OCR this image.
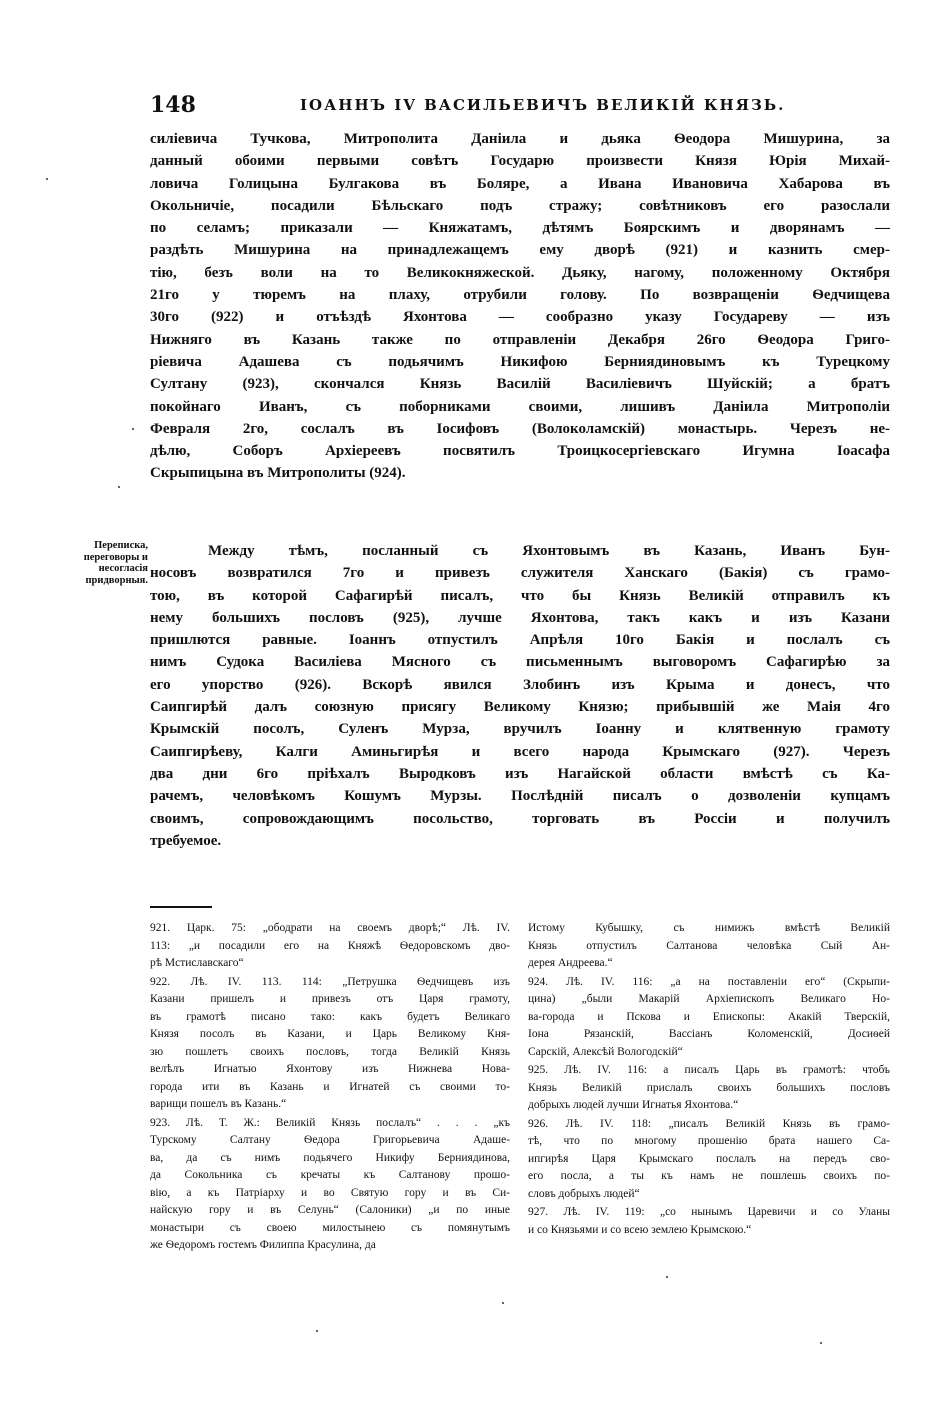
148	ІОАННЪ IV ВАСИЛЬЕВИЧЪ ВЕЛИКІЙ КНЯЗЬ.

силіевича Тучкова, Митрополита Даніила и дьяка Ѳеодора Мишурина, за

данный обоими первыми совѣтъ Государю произвести Князя Юрія Михай-

ловича Голицына Булгакова въ Боляре, а Ивана Ивановича Хабарова въ

Окольничіе, посадили Бѣльскаго подъ стражу; совѣтниковъ его разослали

по селамъ; приказали — Княжатамъ, дѣтямъ Боярскимъ и дворянамъ —

раздѣть Мишурина на принадлежащемъ ему дворѣ (921) и казнить смер-

тію, безъ воли на то Великокняжеской. Дьяку, нагому, положенному Октября

21го у тюремъ на плаху, отрубили голову. По возвращеніи Ѳедчищева

30го (922) и отъѣздѣ Яхонтова — сообразно указу Государеву — изъ

Нижняго въ Казань также по отправленіи Декабря 26го Ѳеодора Григо-

ріевича Адашева съ подьячимъ Никифою Берниядиновымъ къ Турецкому

Султану (923), скончался Князь Василій Василіевичъ Шуйскій; а братъ

покойнаго Иванъ, съ поборниками своими, лишивъ Даніила Митрополіи

Февраля 2го, сослалъ въ Іосифовъ (Волоколамскій) монастырь. Черезъ не-

дѣлю, Соборъ Архіереевъ посвятилъ Троицкосергіевскаго Игумна Іоасафа

Скрыпицына въ Митрополиты (924).

Переписка, переговоры и несогласія придворныя.

Между тѣмъ, посланный съ Яхонтовымъ въ Казань, Иванъ Бун-

носовъ возвратился 7го и привезъ служителя Ханскаго (Бакія) съ грамо-

тою, въ которой Сафагирѣй писалъ, что бы Князь Великій отправилъ къ

нему большихъ пословъ (925), лучше Яхонтова, такъ какъ и изъ Казани

пришлются равные. Іоаннъ отпустилъ Апрѣля 10го Бакія и послалъ съ

нимъ Судока Василіева Мясного съ письменнымъ выговоромъ Сафагирѣю за

его упорство (926). Вскорѣ явился Злобинъ изъ Крыма и донесъ, что

Саипгирѣй далъ союзную присягу Великому Князю; прибывшій же Маія 4го

Крымскій посолъ, Суленъ Мурза, вручилъ Іоанну и клятвенную грамоту

Саипгирѣеву, Калги Аминьгирѣя и всего народа Крымскаго (927). Черезъ

два дни 6го пріѣхалъ Выродковъ изъ Нагайской области вмѣстѣ съ Ка-

рачемъ, человѣкомъ Кошумъ Мурзы. Послѣдній писалъ о дозволеніи купцамъ

своимъ, сопровождающимъ посольство, торговать въ Россіи и получилъ

требуемое.

921. Царк. 75: „ободрати на своемъ дворѣ;“ Лѣ. IV.

113: „и посадили его на Княжѣ Ѳедоровскомъ дво-

рѣ Мстиславскаго“

922. Лѣ. IV. 113. 114: „Петрушка Ѳедчищевъ изъ

Казани пришелъ и привезъ отъ Царя грамоту,

въ грамотѣ писано тако: какъ будетъ Великаго

Князя посолъ въ Казани, и Царь Великому Кня-

зю пошлетъ своихъ пословъ, тогда Великій Князь

велѣлъ Игнатью Яхонтову изъ Нижнева Нова-

города ити въ Казань и Игнатей съ своими то-

варищи пошелъ въ Казань.“

923. Лѣ. Т. Ж.: Великій Князь послалъ“ . . . „къ

Турскому Салтану Ѳедора Григорьевича Адаше-

ва, да съ нимъ подьячего Никифу Берниядинова,

да Сокольника съ кречаты къ Салтанову прошо-

вію, а къ Патріарху и во Святую гору и въ Си-

найскую гору и въ Селунь“ (Салоники) „и по иные

монастыри съ своею милостынею съ помянутымъ

же Ѳедоромъ гостемъ Филиппа Красулина, да

Истому Кубышку, съ нимижъ вмѣстѣ Великій

Князь отпустилъ Салтанова человѣка Сый Ан-

дерея Андреева.“

924. Лѣ. IV. 116: „а на поставленіи его“ (Скрыпи-

цина) „были Макарій Архіепископъ Великаго Но-

ва-города и Пскова и Епископы: Акакій Тверскій,

Іона Рязанскій, Вассіанъ Коломенскій, Досиѳей

Сарскій, Алексѣй Вологодскій“

925. Лѣ. IV. 116: а писалъ Царь въ грамотѣ: чтобъ

Князь Великій прислалъ своихъ большихъ пословъ

добрыхъ людей лучши Игнатья Яхонтова.“

926. Лѣ. IV. 118: „писалъ Великій Князь въ грамо-

тѣ, что по многому прошенію брата нашего Са-

ипгирѣя Царя Крымскаго послалъ на передъ сво-

его посла, а ты къ намъ не пошлешь своихъ по-

словъ добрыхъ людей“

927. Лѣ. IV. 119: „со нынымъ Царевичи и со Уланы

и со Князьями и со всею землею Крымскою.“
